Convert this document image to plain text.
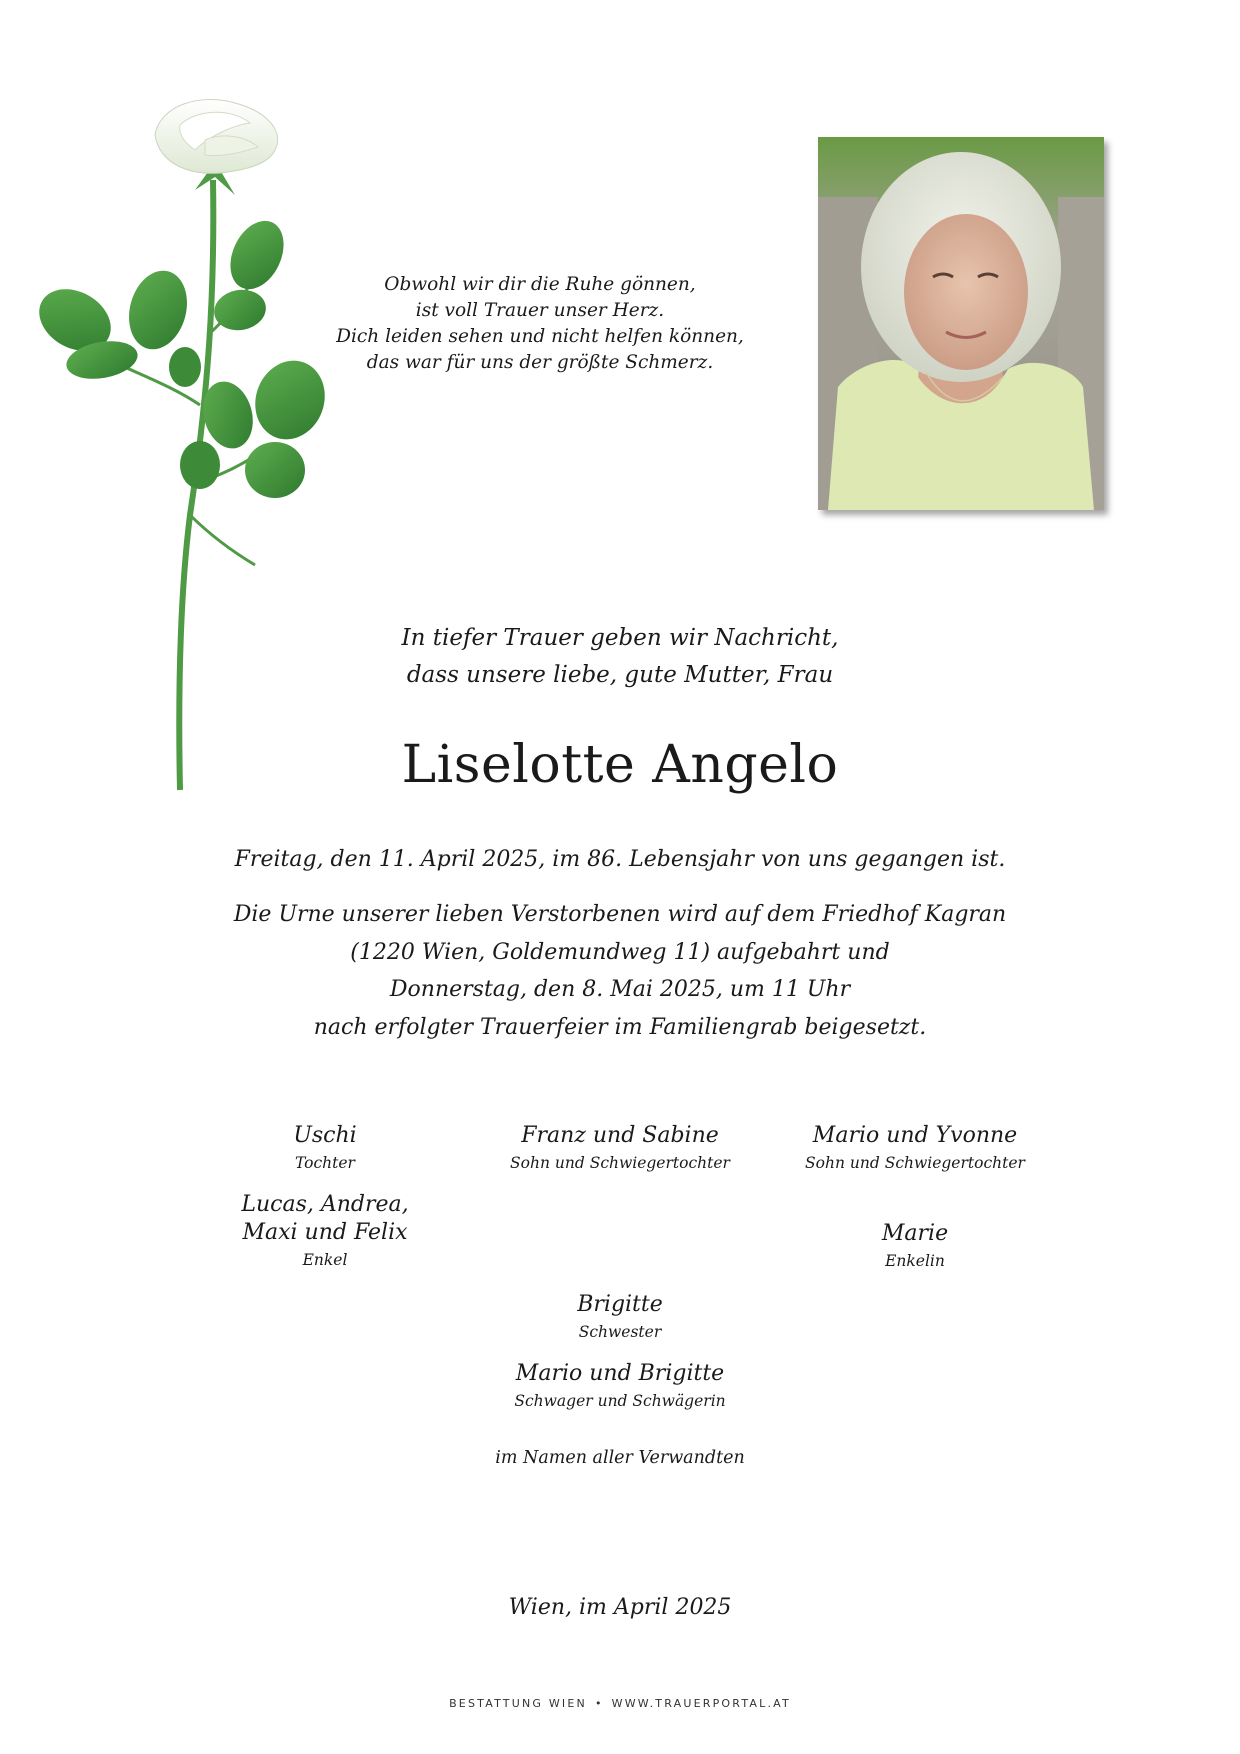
Obwohl wir dir die Ruhe gönnen,
ist voll Trauer unser Herz.
Dich leiden sehen und nicht helfen können,
das war für uns der größte Schmerz.
In tiefer Trauer geben wir Nachricht,
dass unsere liebe, gute Mutter, Frau
Liselotte Angelo
Freitag, den 11. April 2025, im 86. Lebensjahr von uns gegangen ist.
Die Urne unserer lieben Verstorbenen wird auf dem Friedhof Kagran
(1220 Wien, Goldemundweg 11) aufgebahrt und
Donnerstag, den 8. Mai 2025, um 11 Uhr
nach erfolgter Trauerfeier im Familiengrab beigesetzt.
Uschi
Tochter
Franz und Sabine
Sohn und Schwiegertochter
Mario und Yvonne
Sohn und Schwiegertochter
Lucas, Andrea,
Maxi und Felix
Enkel
Marie
Enkelin
Brigitte
Schwester
Mario und Brigitte
Schwager und Schwägerin
im Namen aller Verwandten
Wien, im April 2025
BESTATTUNG WIEN • WWW.TRAUERPORTAL.AT
